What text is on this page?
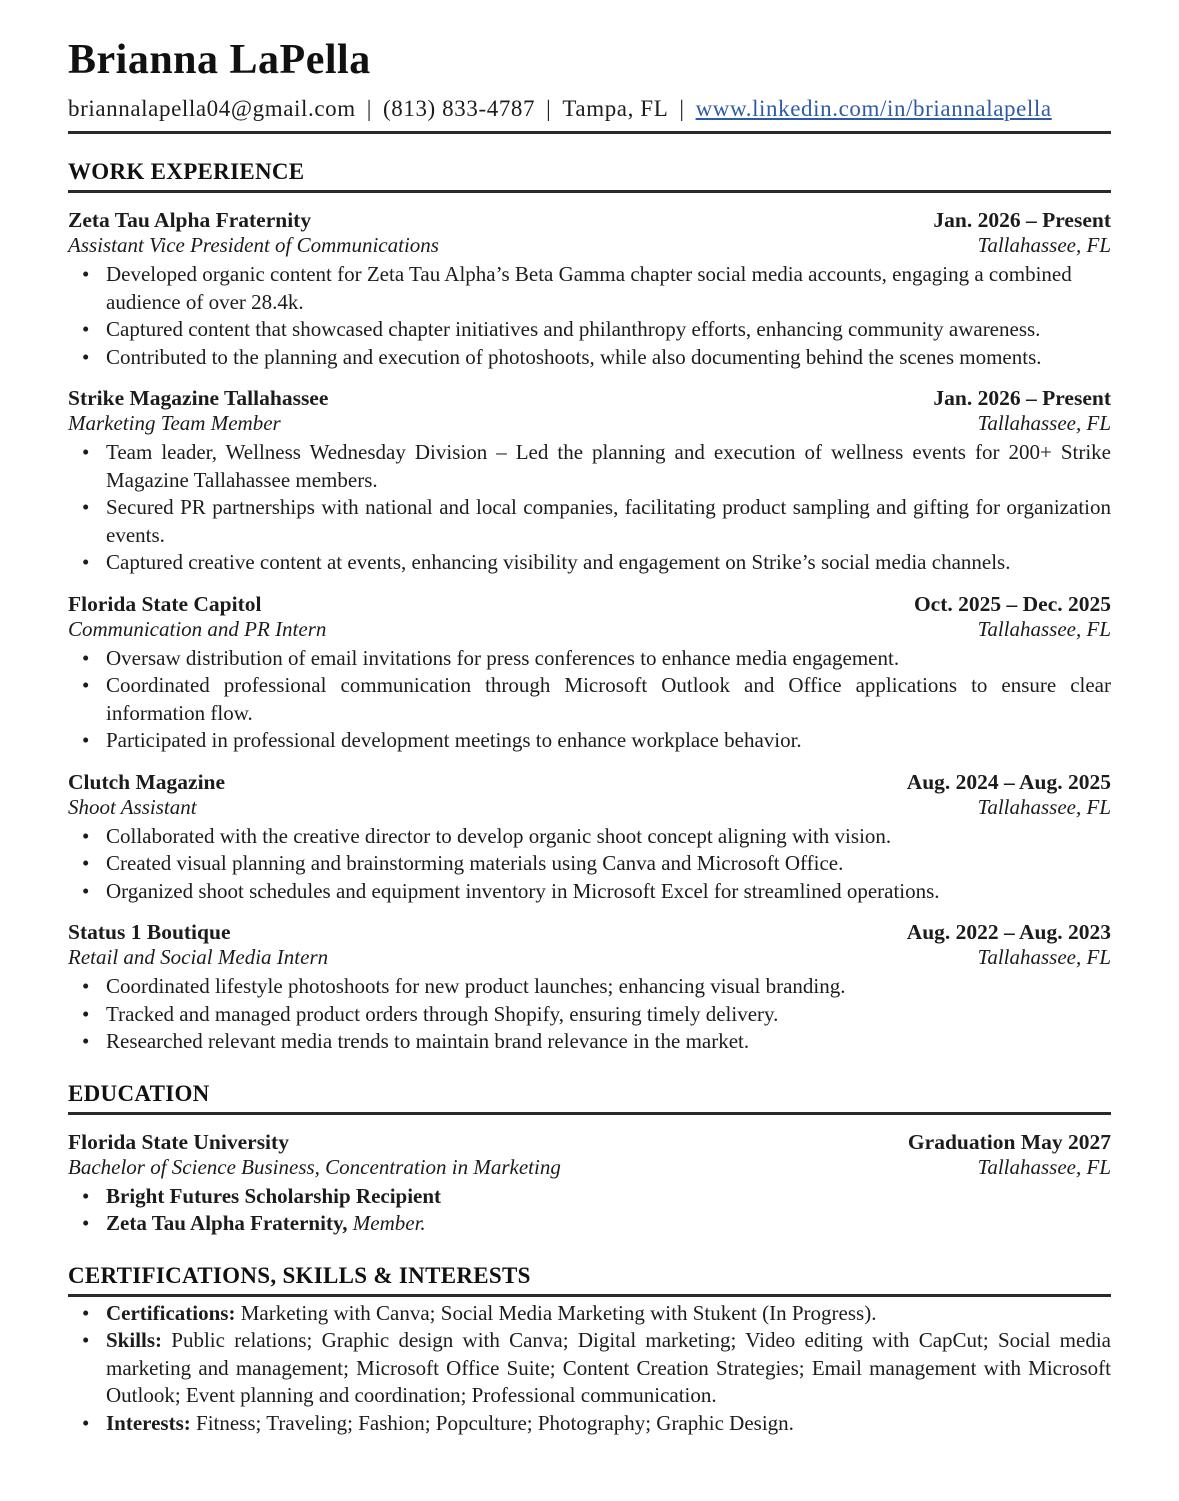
Brianna LaPella

briannalapella04@gmail.com | (813) 833-4787 | Tampa, FL | www.linkedin.com/in/briannalapella

WORK EXPERIENCE
Zeta Tau Alpha Fraternity	Jan. 2026 – Present
Assistant Vice President of Communications	Tallahassee, FL
• Developed organic content for Zeta Tau Alpha’s Beta Gamma chapter social media accounts, engaging a combined audience of over 28.4k.
• Captured content that showcased chapter initiatives and philanthropy efforts, enhancing community awareness.
• Contributed to the planning and execution of photoshoots, while also documenting behind the scenes moments.
Strike Magazine Tallahassee	Jan. 2026 – Present
Marketing Team Member	Tallahassee, FL
• Team leader, Wellness Wednesday Division – Led the planning and execution of wellness events for 200+ Strike Magazine Tallahassee members.
• Secured PR partnerships with national and local companies, facilitating product sampling and gifting for organization events.
• Captured creative content at events, enhancing visibility and engagement on Strike’s social media channels.
Florida State Capitol	Oct. 2025 – Dec. 2025
Communication and PR Intern	Tallahassee, FL
• Oversaw distribution of email invitations for press conferences to enhance media engagement.
• Coordinated professional communication through Microsoft Outlook and Office applications to ensure clear information flow.
• Participated in professional development meetings to enhance workplace behavior.
Clutch Magazine	Aug. 2024 – Aug. 2025
Shoot Assistant	Tallahassee, FL
• Collaborated with the creative director to develop organic shoot concept aligning with vision.
• Created visual planning and brainstorming materials using Canva and Microsoft Office.
• Organized shoot schedules and equipment inventory in Microsoft Excel for streamlined operations.
Status 1 Boutique	Aug. 2022 – Aug. 2023
Retail and Social Media Intern	Tallahassee, FL
• Coordinated lifestyle photoshoots for new product launches; enhancing visual branding.
• Tracked and managed product orders through Shopify, ensuring timely delivery.
• Researched relevant media trends to maintain brand relevance in the market.
EDUCATION
Florida State University	Graduation May 2027
Bachelor of Science Business, Concentration in Marketing	Tallahassee, FL
• Bright Futures Scholarship Recipient
• Zeta Tau Alpha Fraternity, Member.
CERTIFICATIONS, SKILLS & INTERESTS
• Certifications: Marketing with Canva; Social Media Marketing with Stukent (In Progress).
• Skills: Public relations; Graphic design with Canva; Digital marketing; Video editing with CapCut; Social media marketing and management; Microsoft Office Suite; Content Creation Strategies; Email management with Microsoft Outlook; Event planning and coordination; Professional communication.
• Interests: Fitness; Traveling; Fashion; Popculture; Photography; Graphic Design.
